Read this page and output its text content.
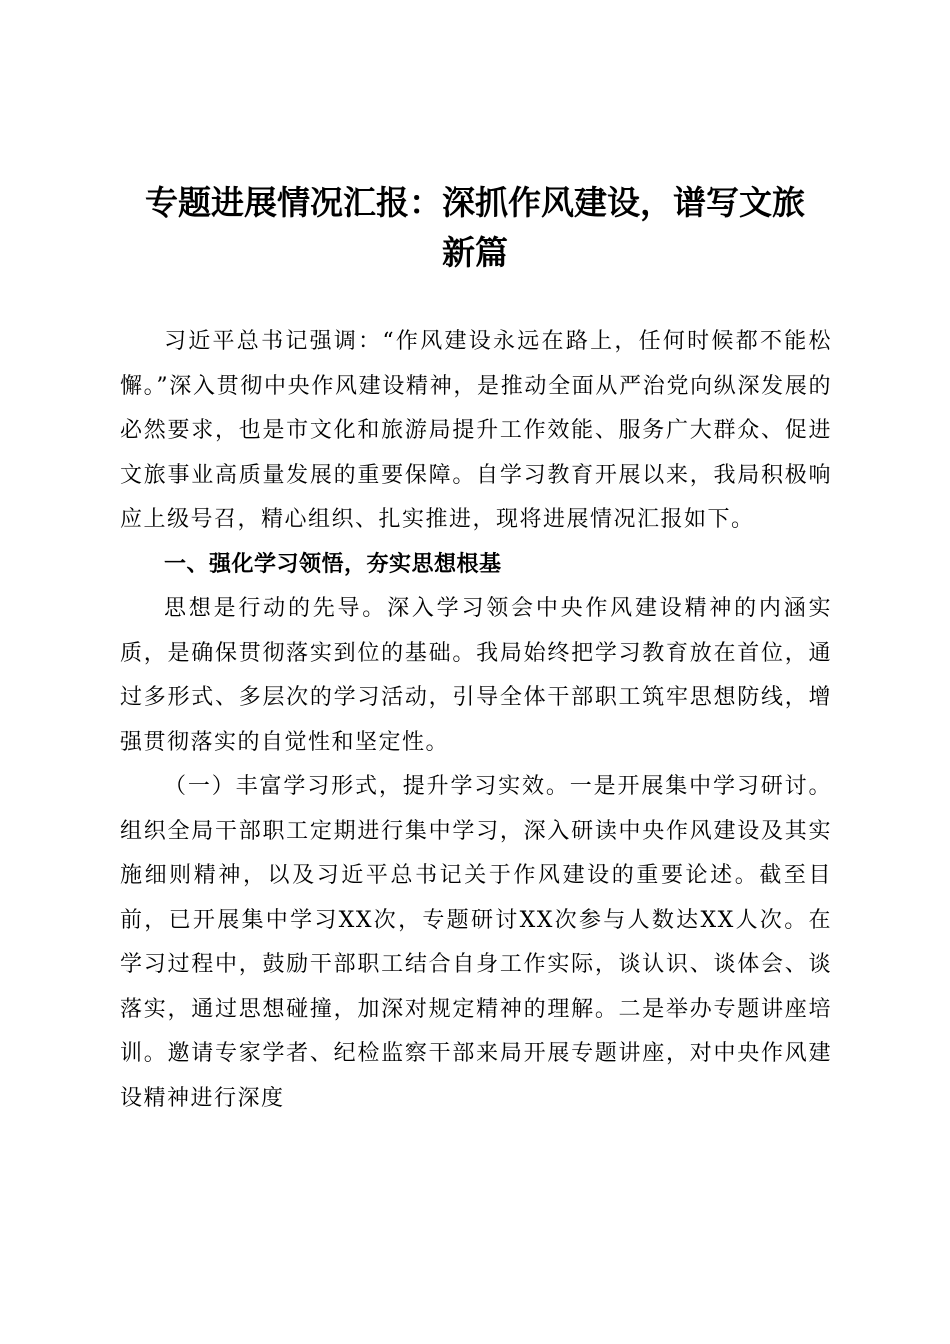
专题进展情况汇报：深抓作风建设，谱写文旅
新篇

习近平总书记强调：“作风建设永远在路上，任何时候都不能松懈。”深入贯彻中央作风建设精神，是推动全面从严治党向纵深发展的必然要求，也是市文化和旅游局提升工作效能、服务广大群众、促进文旅事业高质量发展的重要保障。自学习教育开展以来，我局积极响应上级号召，精心组织、扎实推进，现将进展情况汇报如下。

一、强化学习领悟，夯实思想根基

思想是行动的先导。深入学习领会中央作风建设精神的内涵实质，是确保贯彻落实到位的基础。我局始终把学习教育放在首位，通过多形式、多层次的学习活动，引导全体干部职工筑牢思想防线，增强贯彻落实的自觉性和坚定性。

（一）丰富学习形式，提升学习实效。一是开展集中学习研讨。组织全局干部职工定期进行集中学习，深入研读中央作风建设及其实施细则精神，以及习近平总书记关于作风建设的重要论述。截至目前，已开展集中学习XX次，专题研讨XX次参与人数达XX人次。在学习过程中，鼓励干部职工结合自身工作实际，谈认识、谈体会、谈落实，通过思想碰撞，加深对规定精神的理解。二是举办专题讲座培训。邀请专家学者、纪检监察干部来局开展专题讲座，对中央作风建设精神进行深度
